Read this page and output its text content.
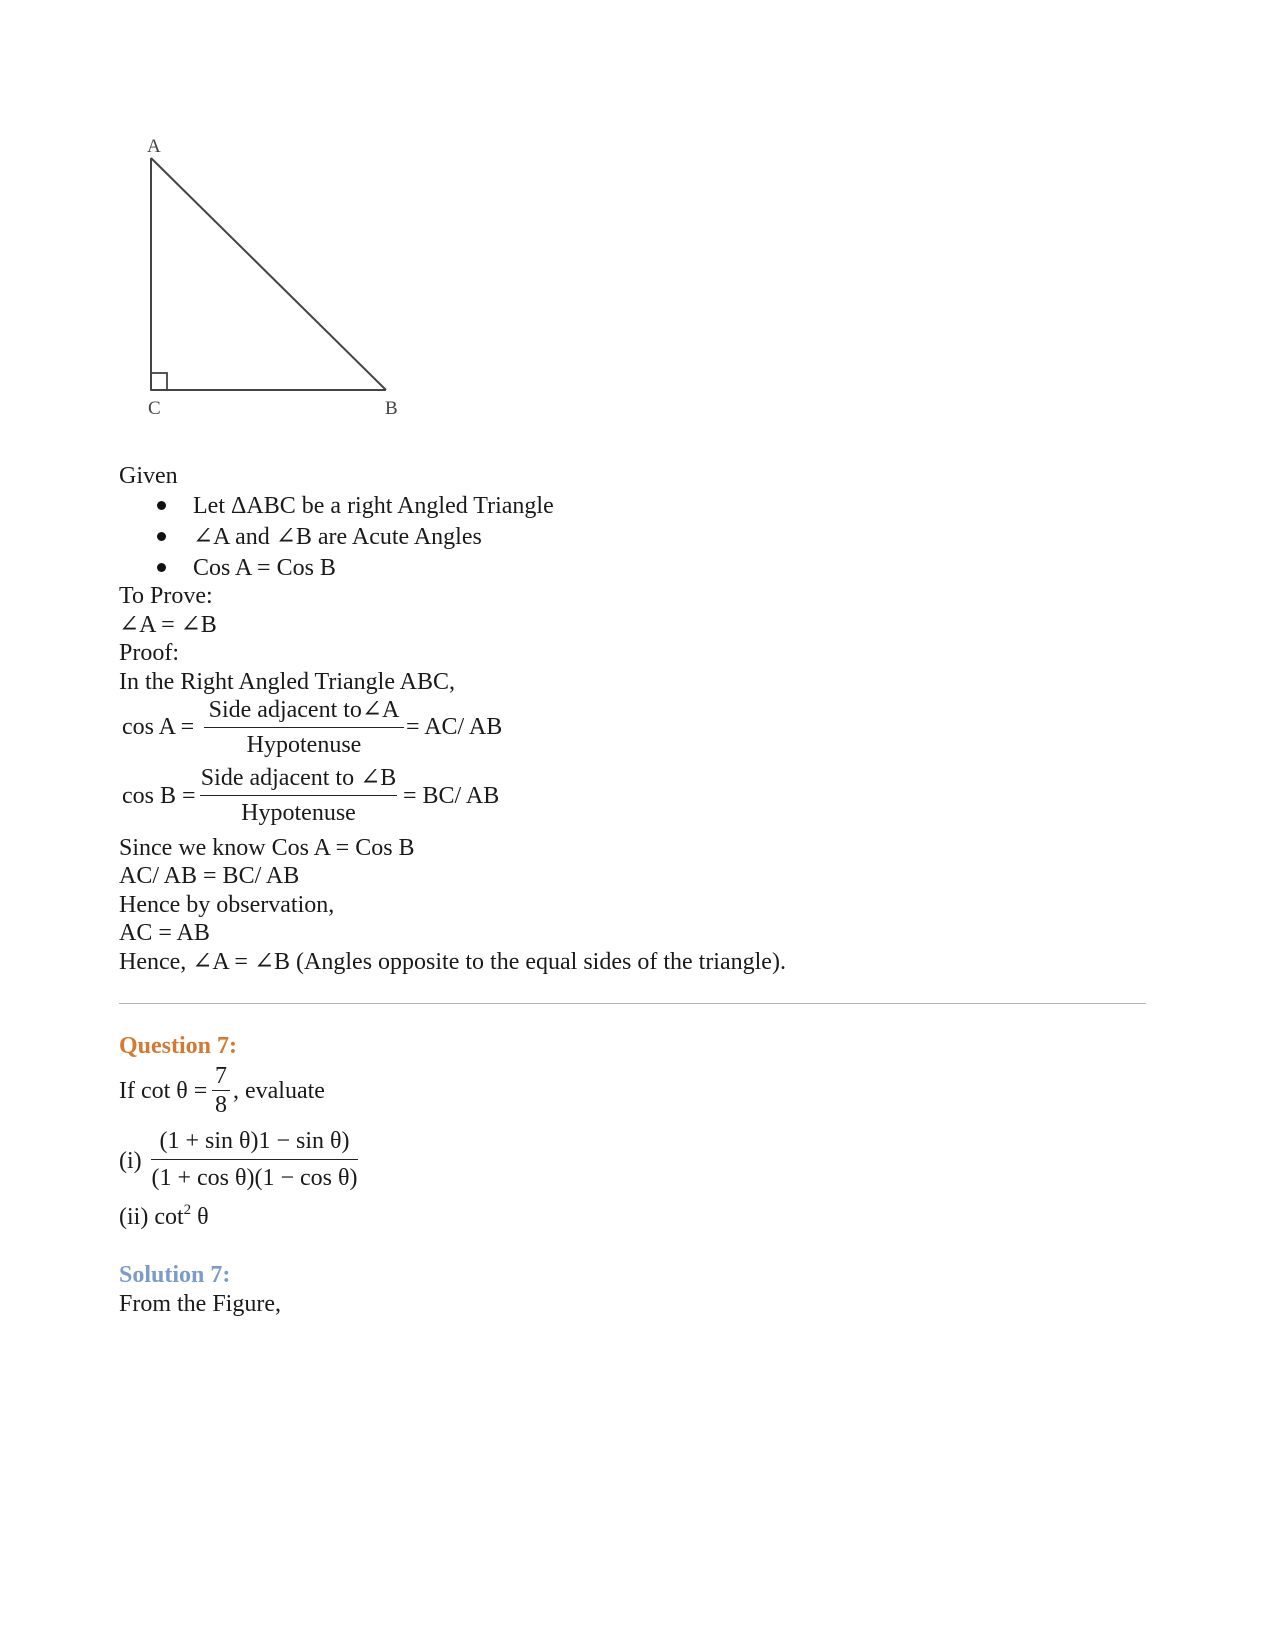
A
C	B
Given
Let ΔABC be a right Angled Triangle
∠A and ∠B are Acute Angles
Cos A = Cos B
To Prove:
∠A = ∠B
Proof:
In the Right Angled Triangle ABC,
cos A =
Side adjacent to∠A
Hypotenuse
= AC/ AB
cos B =
Side adjacent to ∠B
Hypotenuse
= BC/ AB
Since we know Cos A = Cos B
AC/ AB = BC/ AB
Hence by observation,
AC = AB
Hence, ∠A = ∠B (Angles opposite to the equal sides of the triangle).
Question 7:
If cot θ =
7
8
, evaluate
(i)
(1 + sin θ)1 − sin θ)
(1 + cos θ)(1 − cos θ)
(ii) $\cot^2 \theta$
Solution 7:
From the Figure,
